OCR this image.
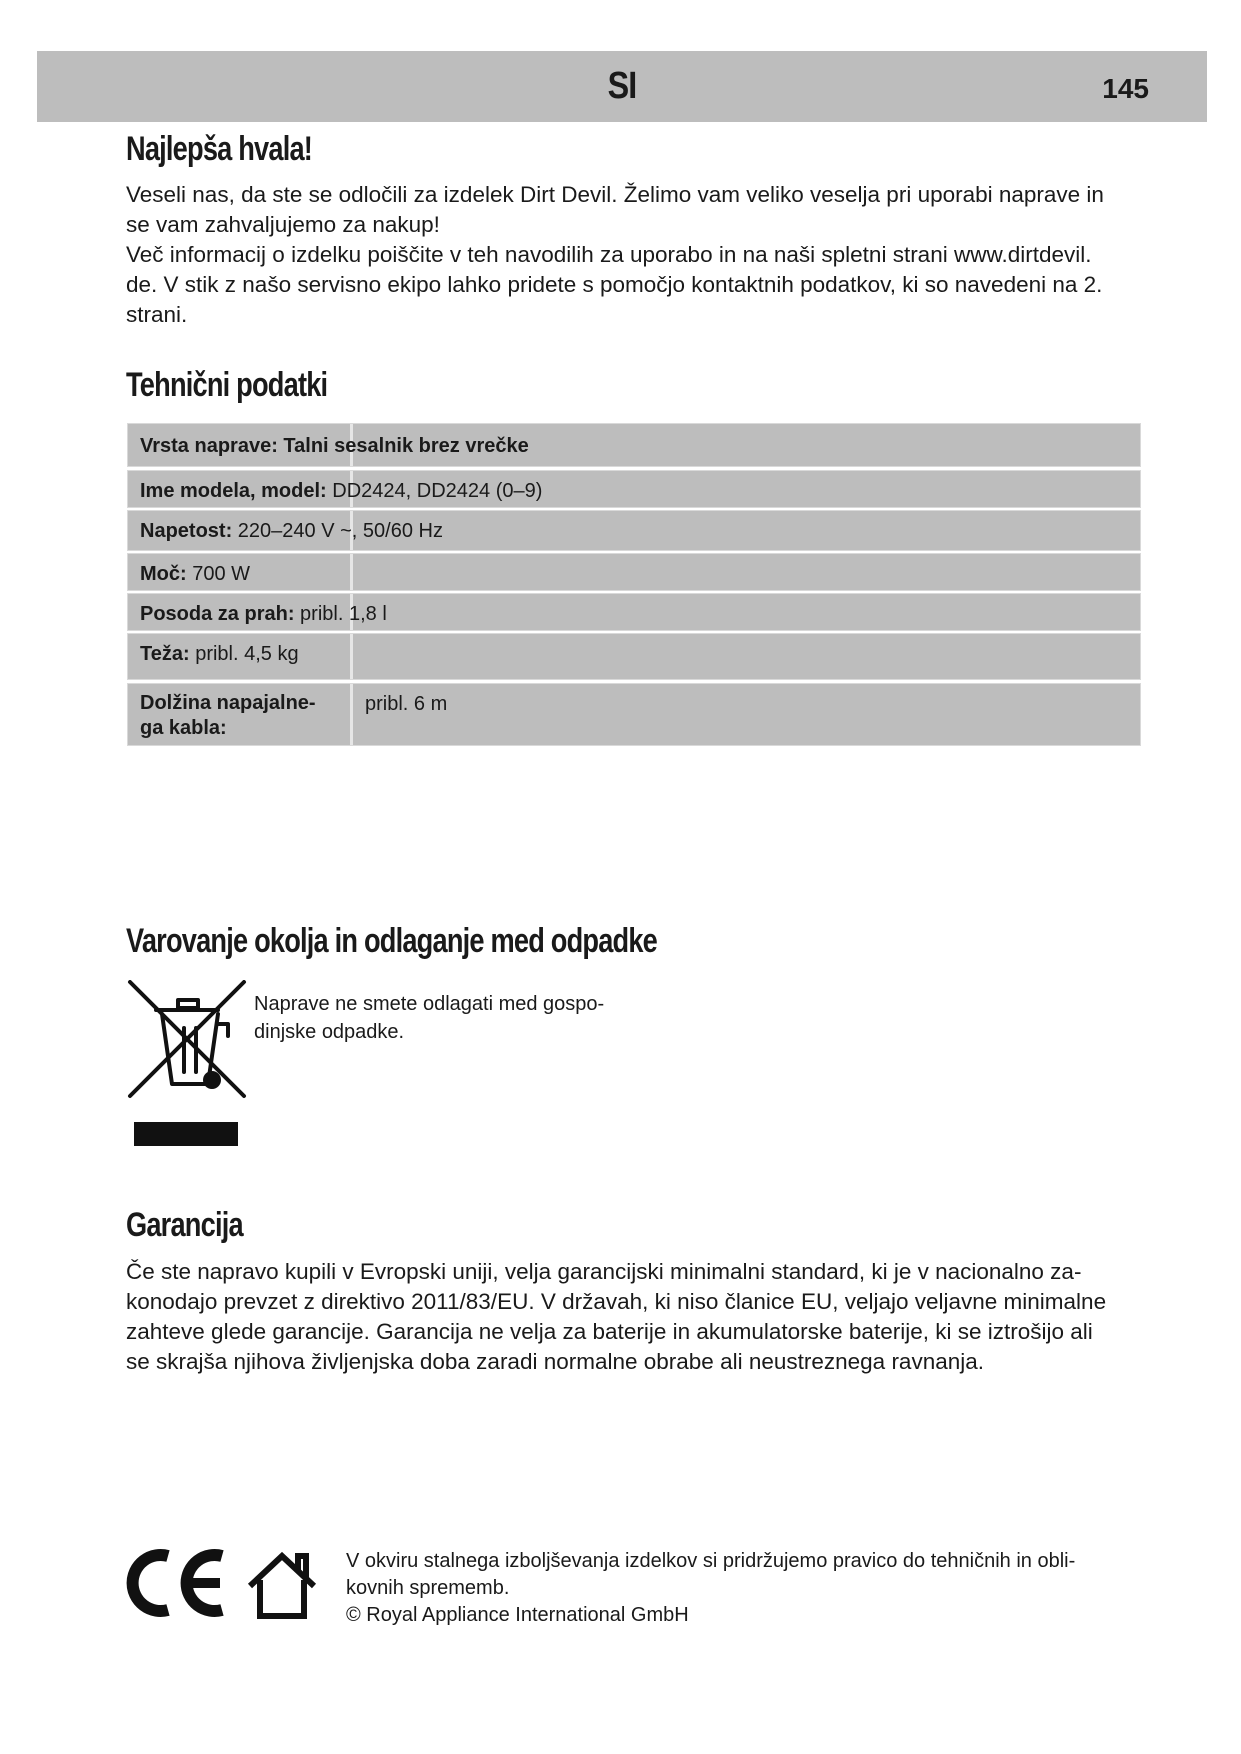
SI	145
Najlepša hvala!

Veseli nas, da ste se odločili za izdelek Dirt Devil. Želimo vam veliko veselja pri uporabi naprave in

se vam zahvaljujemo za nakup!

Več informacij o izdelku poiščite v teh navodilih za uporabo in na naši spletni strani www.dirtdevil.

de. V stik z našo servisno ekipo lahko pridete s pomočjo kontaktnih podatkov, ki so navedeni na 2.

strani.

Tehnični podatki
Vrsta naprave: Talni sesalnik brez vrečke
Ime modela, model: DD2424, DD2424 (0–9)
Napetost: 220–240 V ~, 50/60 Hz
Moč: 700 W
Posoda za prah: pribl. 1,8 l
Teža: pribl. 4,5 kg
Dolžina napajalne-
ga kabla:
pribl. 6 m
Varovanje okolja in odlaganje med odpadke
Naprave ne smete odlagati med gospo-
dinjske odpadke.
Garancija

Če ste napravo kupili v Evropski uniji, velja garancijski minimalni standard, ki je v nacionalno za-

konodajo prevzet z direktivo 2011/83/EU. V državah, ki niso članice EU, veljajo veljavne minimalne

zahteve glede garancije. Garancija ne velja za baterije in akumulatorske baterije, ki se iztrošijo ali

se skrajša njihova življenjska doba zaradi normalne obrabe ali neustreznega ravnanja.

V okviru stalnega izboljševanja izdelkov si pridržujemo pravico do tehničnih in obli-
kovnih sprememb.
© Royal Appliance International GmbH
